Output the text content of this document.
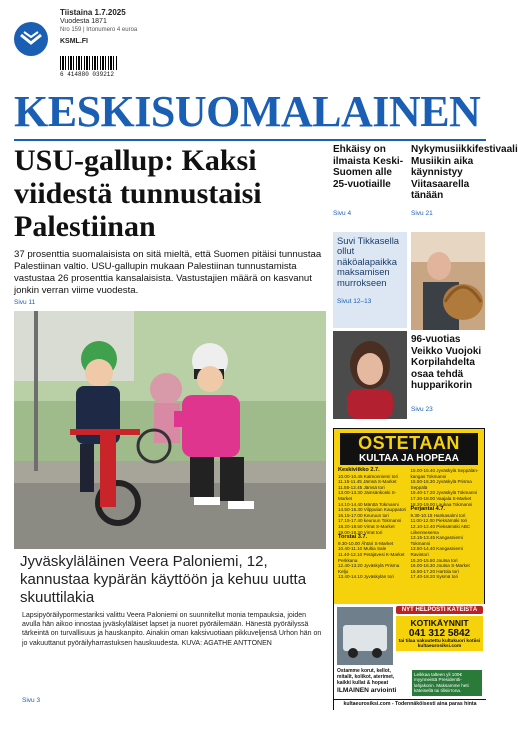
Tiistaina 1.7.2025
Vuodesta 1871
Nro 159 | Irtonumero 4 euroa
KSML.FI
6 414880 039212
KESKISUOMALAINEN
USU-gallup: Kaksi viidestä tunnustaisi Palestiinan

37 prosenttia suomalaisista on sitä mieltä, että Suomen pitäisi tunnustaa Palestiinan valtio. USU-gallupin mukaan Palestiinan tunnustamista vastustaa 26 prosenttia kansalaisista. Vastustajien määrä on kasvanut jonkin verran viime vuodesta.

Sivu 11
Jyväskyläläinen Veera Paloniemi, 12, kannustaa kypärän käyttöön ja kehuu uutta skuuttilakia
Lapsipyöräilypormestariksi valittu Veera Paloniemi on suunnitellut monia tempauksia, joiden avulla hän aikoo innostaa jyväskyläläiset lapset ja nuoret pyöräilemään. Hänestä pyöräilyssä tärkeintä on turvallisuus ja hauskanpito. Ainakin oman kaksivuotiaan pikkuveljensä Urhon hän on jo vakuuttanut pyöräilyharrastuksen hauskuudesta. KUVA: AGATHE ANTTONEN
Sivu 3
Ehkäisy on ilmaista Keski-Suomen alle 25-vuotiaille
Sivu 4
Nykymusiikkifestivaali Musiikin aika käynnistyy Viitasaarella tänään
Sivu 21
Suvi Tikkasella ollut näköalapaikka maksamisen murrokseen
Sivut 12–13
96-vuotias Veikko Vuojoki Korpilahdelta osaa tehdä hupparikorin
Sivu 23
OSTETAAN
KULTAA JA HOPEAA
Keskiviikko 2.7.
10.00-10.45 Kalmonniemi tori
11.15-11.45 Jämsä S-Market
11.55-12.45 Jämsä tori
13.00-13.30 Jämsänkoski S-Market
14.10-14.40 Mänttä Tokmanni
14.50-15.30 Vilppulan Kauppatori
16.15-17.00 Keuruun tori
17.15-17.40 keuruun Tokmanni
18.20-18.50 Virrat S-Market
19.00-19.30 Virrat tori
Torstai 3.7.
9.30-10.00 Ähtäri S-Market
10.40-11.10 Multia Sale
11.40-12.10 Petäjävesi K-Market Perkkana
12.40-13.20 Jyväskylä Prisma Kelju
13.40-14.10 Jyväskylän tori
15.00-15.40 Jyväskylä Seppälän-kangas Tokmanni
15.50-16.30 Jyväskylä Prisma Seppälä
16.40-17.20 Jyväskylä Tokmanni
17.30-18.00 Vaajala S-Market
18.20-19.00 Laukaa Tokmanni
Perjantai 4.7.
9.30-10.15 Hankasalmi tori
11.00-12.00 Pieksämäki tori
12.10-12.40 Pieksämäki ABC Liikennesema
13.15-13.45 Kangasniemi Tokmanni
13.50-14.40 Kangasniemi Ravintori
15.20-15.50 Joutsa tori
16.00-16.30 Joutsa S-Market
16.50-17.20 Hartola tori
17.40-18.20 Sysmä tori
NYT HELPOSTI KÄTEISTÄ
KOTIKÄYNNIT
041 312 5842
tai tilaa vakuutettu kultakuori kotiisi kultaeurosiksi.com
Ostamme korut, kellot, mitalit, kolikot, aterimet, kaikki kullat & hopeat
ILMAINEN arviointi
Leikkaa talteen yli 100€ myynneistä Presidentti-lahjakorin. Maksamme heti käteisellä tai tilisiirrona.
kultaeurosiksi.com - Todennäköisesti aina paras hinta
